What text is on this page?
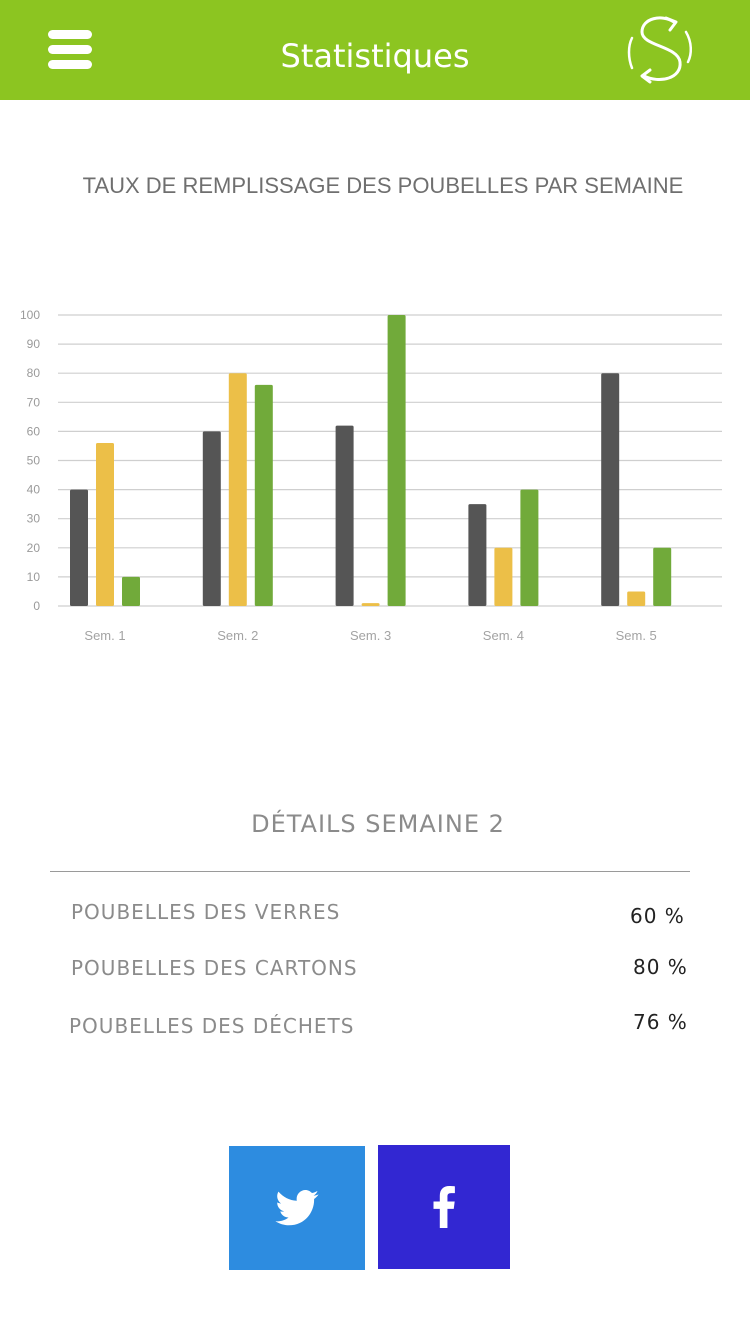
Statistiques
TAUX DE REMPLISSAGE DES POUBELLES PAR SEMAINE
0
10
20
30
40
50
60
70
80
90
100
Sem. 1	Sem. 2	Sem. 3	Sem. 4	Sem. 5
DÉTAILS SEMAINE 2
POUBELLES DES VERRES	60 %
POUBELLES DES CARTONS	80 %
POUBELLES DES DÉCHETS	76 %
